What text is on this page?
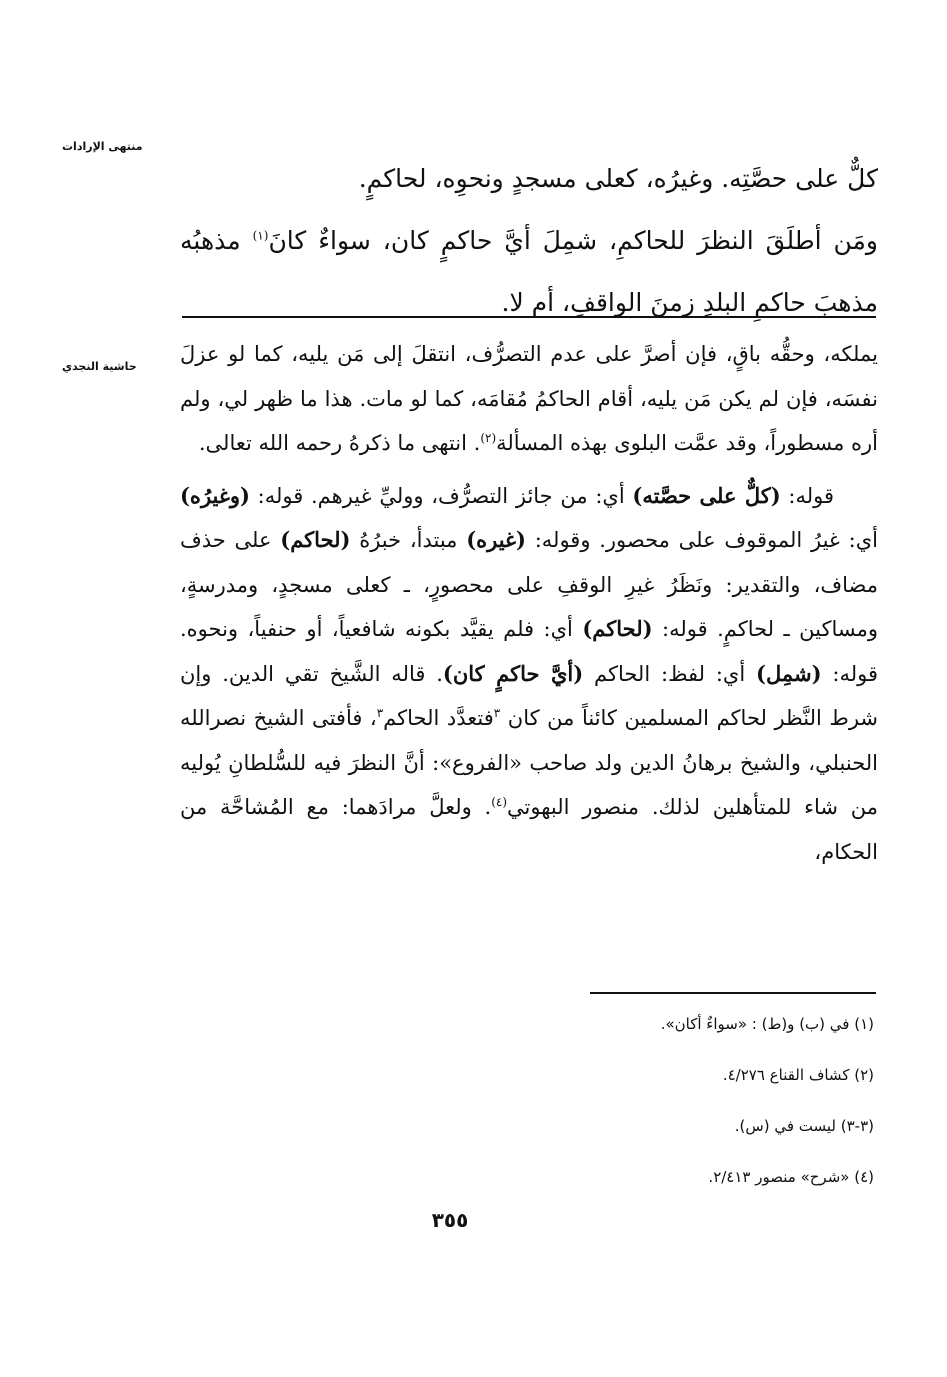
منتهى الإرادات
حاشية النجدي

كلٌّ على حصَّتِه. وغيرُه، كعلى مسجدٍ ونحوِه، لحاكمٍ.

ومَن أطلَقَ النظرَ للحاكمِ، شمِلَ أيَّ حاكمٍ كان، سواءٌ كانَ$^{(١)}$ مذهبُه مذهبَ حاكمِ البلدِ زمنَ الواقفِ، أم لا.

يملكه، وحقُّه باقٍ، فإن أصرَّ على عدم التصرُّف، انتقلَ إلى مَن يليه، كما لو عزلَ نفسَه، فإن لم يكن مَن يليه، أقام الحاكمُ مُقامَه، كما لو مات. هذا ما ظهر لي، ولم أره مسطوراً، وقد عمَّت البلوى بهذه المسألة$^{(٢)}$. انتهى ما ذكرهُ رحمه الله تعالى.

قوله: (كلٌّ على حصَّته) أي: من جائز التصرُّف، ووليِّ غيرهم. قوله: (وغيرُه) أي: غيرُ الموقوف على محصور. وقوله: (غيره) مبتدأ، خبرُهُ (لحاكم) على حذف مضاف، والتقدير: ونَظَرُ غيرِ الوقفِ على محصورٍ، ـ كعلى مسجدٍ، ومدرسةٍ، ومساكين ـ لحاكمٍ. قوله: (لحاكم) أي: فلم يقيَّد بكونه شافعياً، أو حنفياً، ونحوه. قوله: (شمِل) أي: لفظ: الحاكم (أيَّ حاكمٍ كان). قاله الشَّيخ تقي الدين. وإن شرط النَّظر لحاكم المسلمين كائناً من كان $^٣$فتعدَّد الحاكم$^٣$، فأفتى الشيخ نصرالله الحنبلي، والشيخ برهانُ الدين ولد صاحب «الفروع»: أنَّ النظرَ فيه للسُّلطانِ يُوليه من شاء للمتأهلين لذلك. منصور البهوتي$^{(٤)}$. ولعلَّ مرادَهما: مع المُشاحَّة من الحكام،

(١) في (ب) و(ط) : «سواءٌ أكان».
(٢) كشاف القناع ٤/٢٧٦.
(٣-٣) ليست في (س).
(٤) «شرح» منصور ٢/٤١٣.
٣٥٥
